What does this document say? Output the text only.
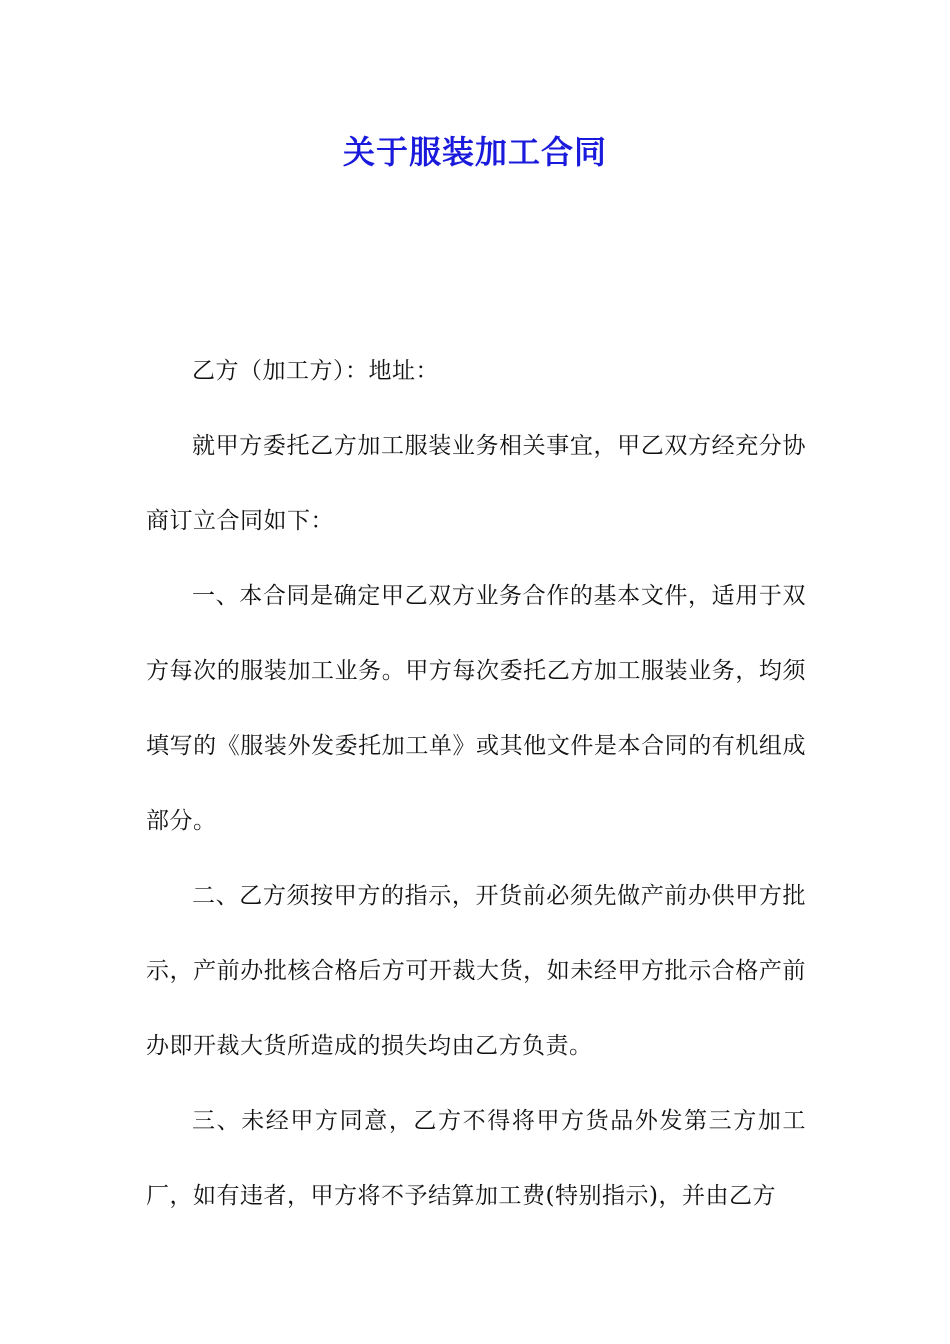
关于服装加工合同

乙方（加工方）：地址：

就甲方委托乙方加工服装业务相关事宜，甲乙双方经充分协商订立合同如下：

一、本合同是确定甲乙双方业务合作的基本文件，适用于双方每次的服装加工业务。甲方每次委托乙方加工服装业务，均须填写的《服装外发委托加工单》或其他文件是本合同的有机组成部分。

二、乙方须按甲方的指示，开货前必须先做产前办供甲方批示，产前办批核合格后方可开裁大货，如未经甲方批示合格产前办即开裁大货所造成的损失均由乙方负责。

三、未经甲方同意，乙方不得将甲方货品外发第三方加工厂，如有违者，甲方将不予结算加工费(特别指示)，并由乙方
